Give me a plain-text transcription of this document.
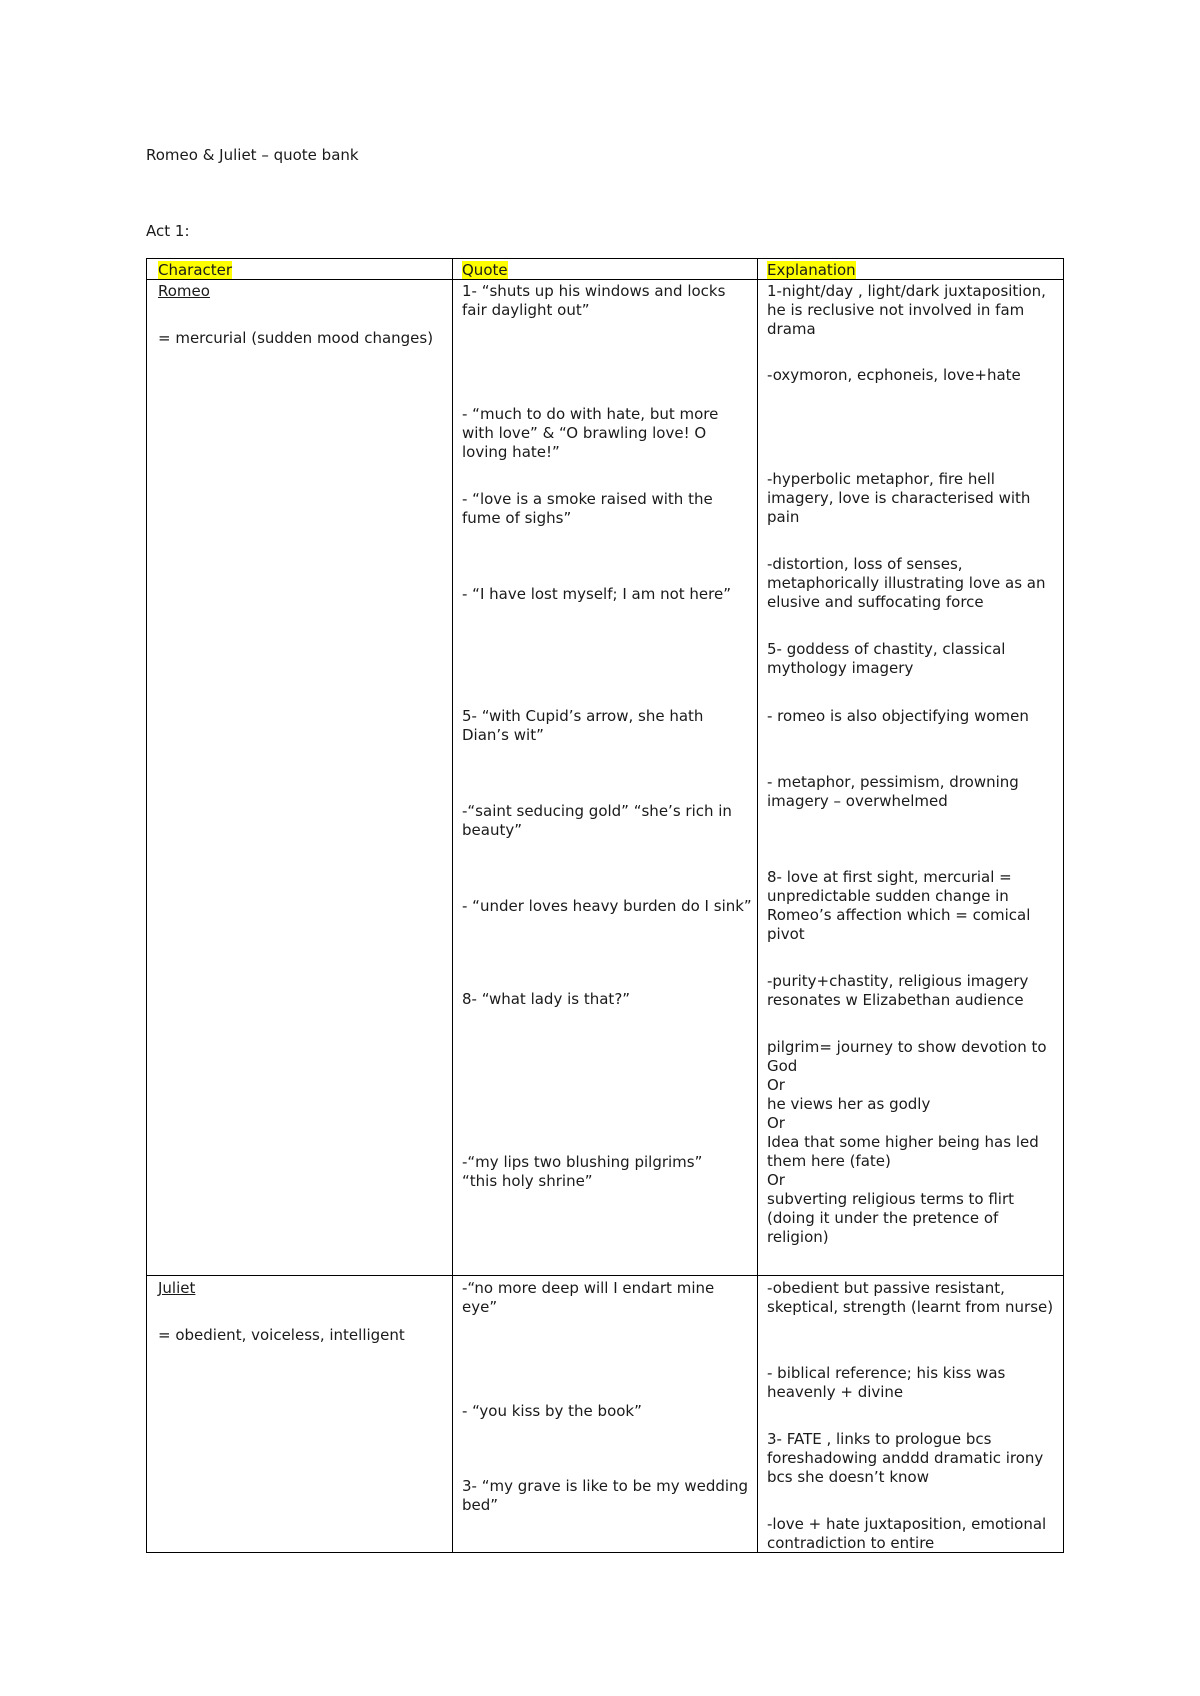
Romeo & Juliet – quote bank
Act 1:
Character	Quote	Explanation
Romeo
= mercurial (sudden mood changes)
1- “shuts up his windows and locks fair daylight out”
- “much to do with hate, but more with love” & “O brawling love! O loving hate!”
- “love is a smoke raised with the fume of sighs”
- “I have lost myself; I am not here”
5- “with Cupid’s arrow, she hath Dian’s wit”
-“saint seducing gold” “she’s rich in beauty”
- “under loves heavy burden do I sink”
8- “what lady is that?”
-“my lips two blushing pilgrims”
“this holy shrine”
1-night/day , light/dark juxtaposition, he is reclusive not involved in fam drama
-oxymoron, ecphoneis, love+hate
-hyperbolic metaphor, fire hell imagery, love is characterised with pain
-distortion, loss of senses, metaphorically illustrating love as an elusive and suffocating force
5- goddess of chastity, classical mythology imagery
- romeo is also objectifying women
- metaphor, pessimism, drowning imagery – overwhelmed
8- love at first sight, mercurial = unpredictable sudden change in Romeo’s affection which = comical pivot
-purity+chastity, religious imagery resonates w Elizabethan audience
pilgrim= journey to show devotion to God
Or
he views her as godly
Or
Idea that some higher being has led them here (fate)
Or
subverting religious terms to flirt (doing it under the pretence of religion)
Juliet
= obedient, voiceless, intelligent
-“no more deep will I endart mine eye”
- “you kiss by the book”
3- “my grave is like to be my wedding bed”
-obedient but passive resistant, skeptical, strength (learnt from nurse)
- biblical reference; his kiss was heavenly + divine
3- FATE , links to prologue bcs foreshadowing anddd dramatic irony bcs she doesn’t know
-love + hate juxtaposition, emotional contradiction to entire
